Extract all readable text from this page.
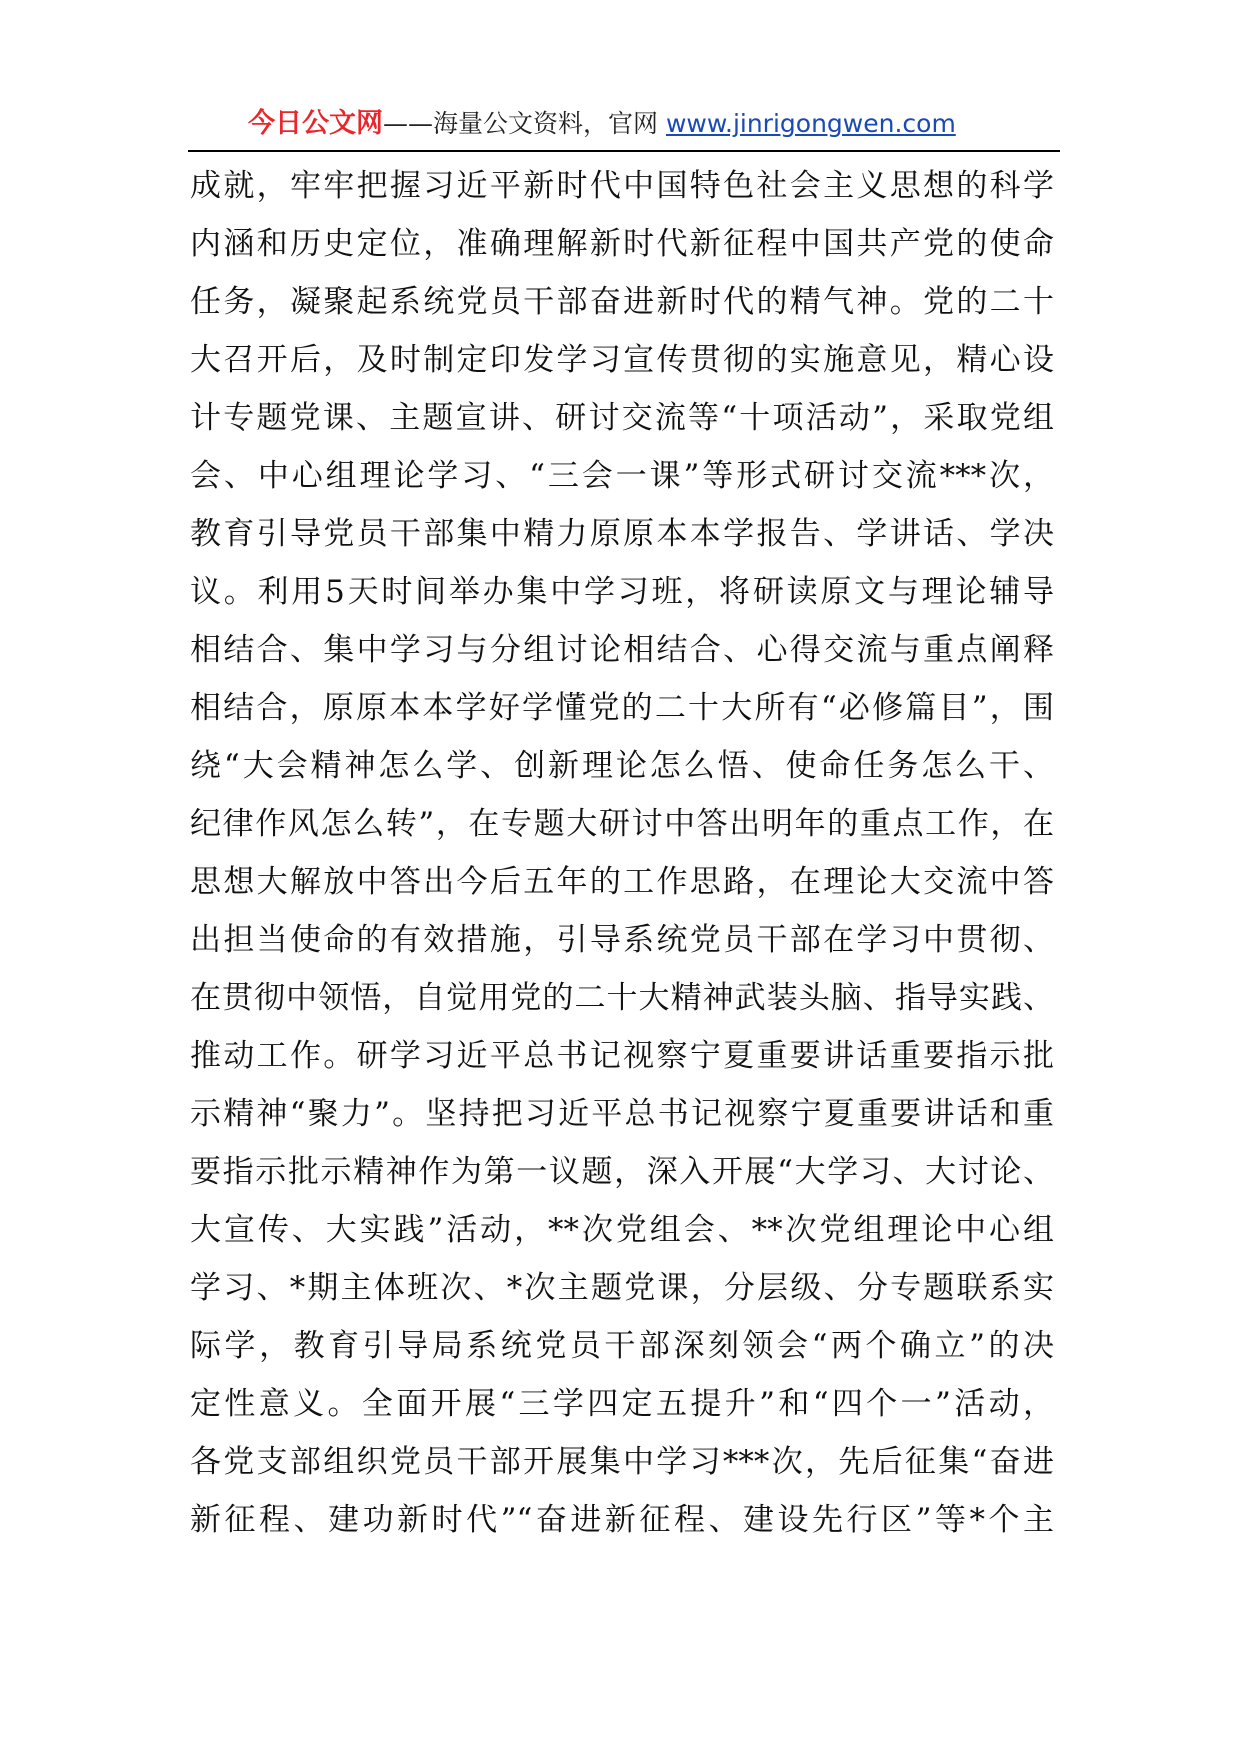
今日公文网——海量公文资料，官网 www.jinrigongwen.com
成就，牢牢把握习近平新时代中国特色社会主义思想的科学
内涵和历史定位，准确理解新时代新征程中国共产党的使命
任务，凝聚起系统党员干部奋进新时代的精气神。党的二十
大召开后，及时制定印发学习宣传贯彻的实施意见，精心设
计专题党课、主题宣讲、研讨交流等“十项活动”，采取党组
会、中心组理论学习、“三会一课”等形式研讨交流***次，
教育引导党员干部集中精力原原本本学报告、学讲话、学决
议。利用5天时间举办集中学习班，将研读原文与理论辅导
相结合、集中学习与分组讨论相结合、心得交流与重点阐释
相结合，原原本本学好学懂党的二十大所有“必修篇目”，围
绕“大会精神怎么学、创新理论怎么悟、使命任务怎么干、
纪律作风怎么转”，在专题大研讨中答出明年的重点工作，在
思想大解放中答出今后五年的工作思路，在理论大交流中答
出担当使命的有效措施，引导系统党员干部在学习中贯彻、
在贯彻中领悟，自觉用党的二十大精神武装头脑、指导实践、
推动工作。研学习近平总书记视察宁夏重要讲话重要指示批
示精神“聚力”。坚持把习近平总书记视察宁夏重要讲话和重
要指示批示精神作为第一议题，深入开展“大学习、大讨论、
大宣传、大实践”活动，**次党组会、**次党组理论中心组
学习、*期主体班次、*次主题党课，分层级、分专题联系实
际学，教育引导局系统党员干部深刻领会“两个确立”的决
定性意义。全面开展“三学四定五提升”和“四个一”活动，
各党支部组织党员干部开展集中学习***次，先后征集“奋进
新征程、建功新时代”“奋进新征程、建设先行区”等*个主
